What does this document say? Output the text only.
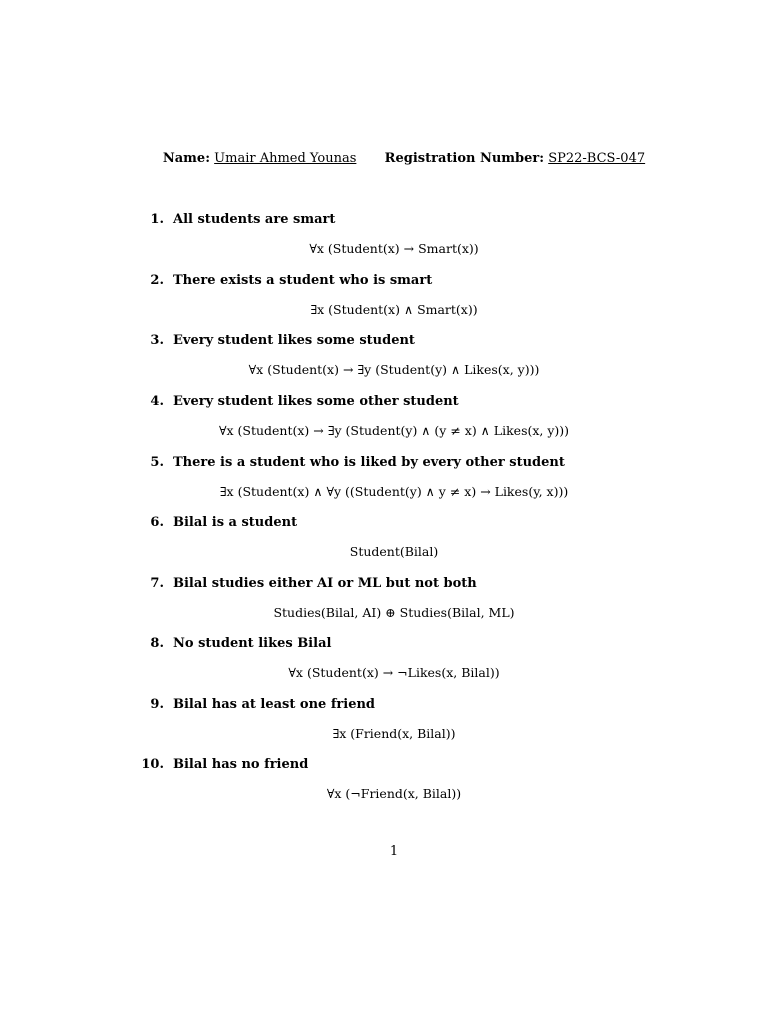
Name: Umair Ahmed Younas Registration Number: SP22-BCS-047
1. All students are smart
∀x (Student(x) → Smart(x))
2. There exists a student who is smart
∃x (Student(x) ∧ Smart(x))
3. Every student likes some student
∀x (Student(x) → ∃y (Student(y) ∧ Likes(x, y)))
4. Every student likes some other student
∀x (Student(x) → ∃y (Student(y) ∧ (y ≠ x) ∧ Likes(x, y)))
5. There is a student who is liked by every other student
∃x (Student(x) ∧ ∀y ((Student(y) ∧ y ≠ x) → Likes(y, x)))
6. Bilal is a student
Student(Bilal)
7. Bilal studies either AI or ML but not both
Studies(Bilal, AI) ⊕ Studies(Bilal, ML)
8. No student likes Bilal
∀x (Student(x) → ¬Likes(x, Bilal))
9. Bilal has at least one friend
∃x (Friend(x, Bilal))
10. Bilal has no friend
∀x (¬Friend(x, Bilal))
1
